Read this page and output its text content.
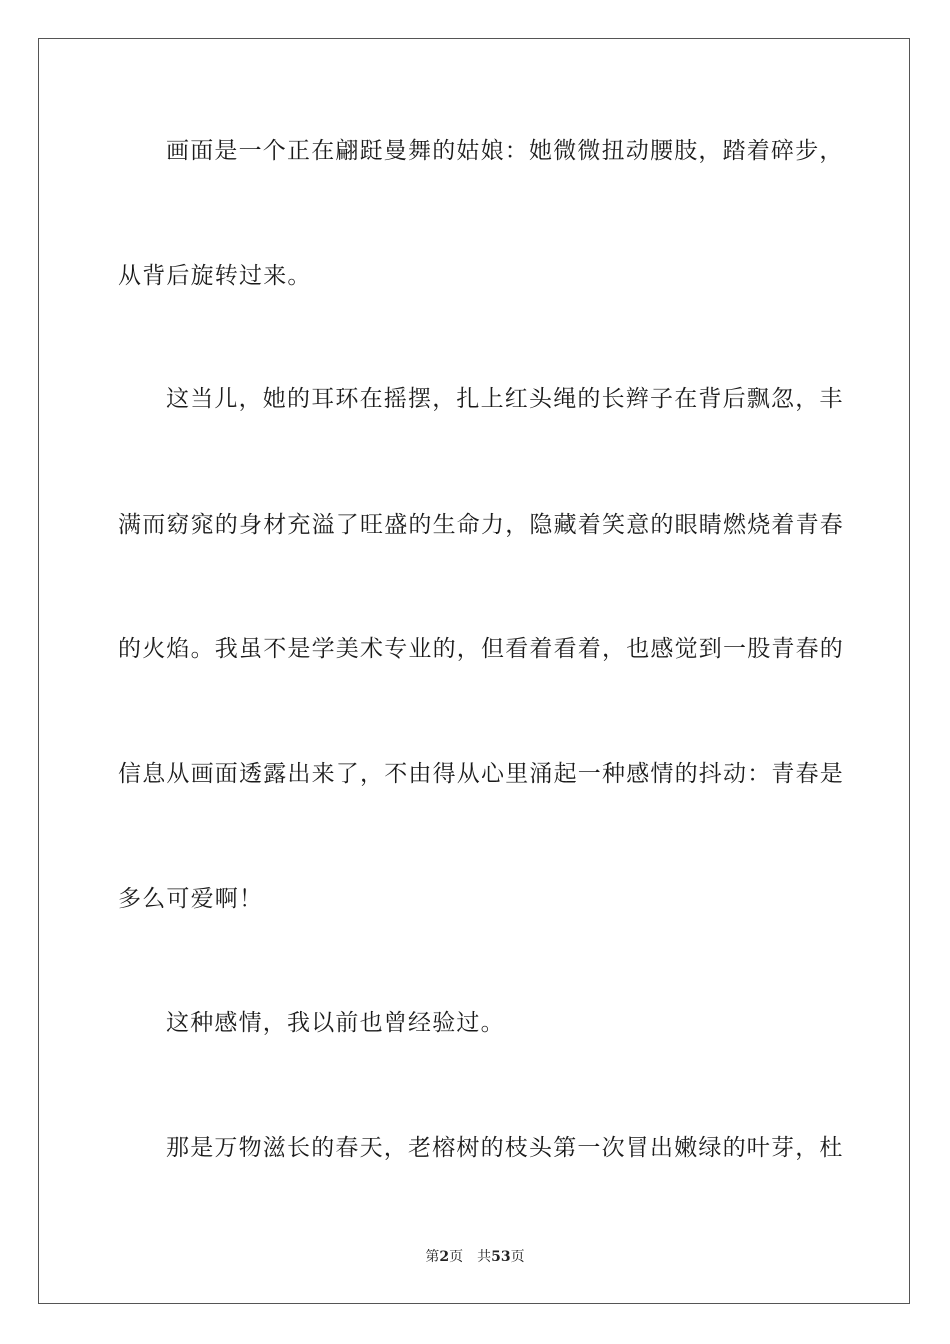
画面是一个正在翩跹曼舞的姑娘：她微微扭动腰肢，踏着碎步，
从背后旋转过来。
这当儿，她的耳环在摇摆，扎上红头绳的长辫子在背后飘忽，丰
满而窈窕的身材充溢了旺盛的生命力，隐藏着笑意的眼睛燃烧着青春
的火焰。我虽不是学美术专业的，但看着看着，也感觉到一股青春的
信息从画面透露出来了，不由得从心里涌起一种感情的抖动：青春是
多么可爱啊！
这种感情，我以前也曾经验过。
那是万物滋长的春天，老榕树的枝头第一次冒出嫩绿的叶芽，杜
第2页 共53页
